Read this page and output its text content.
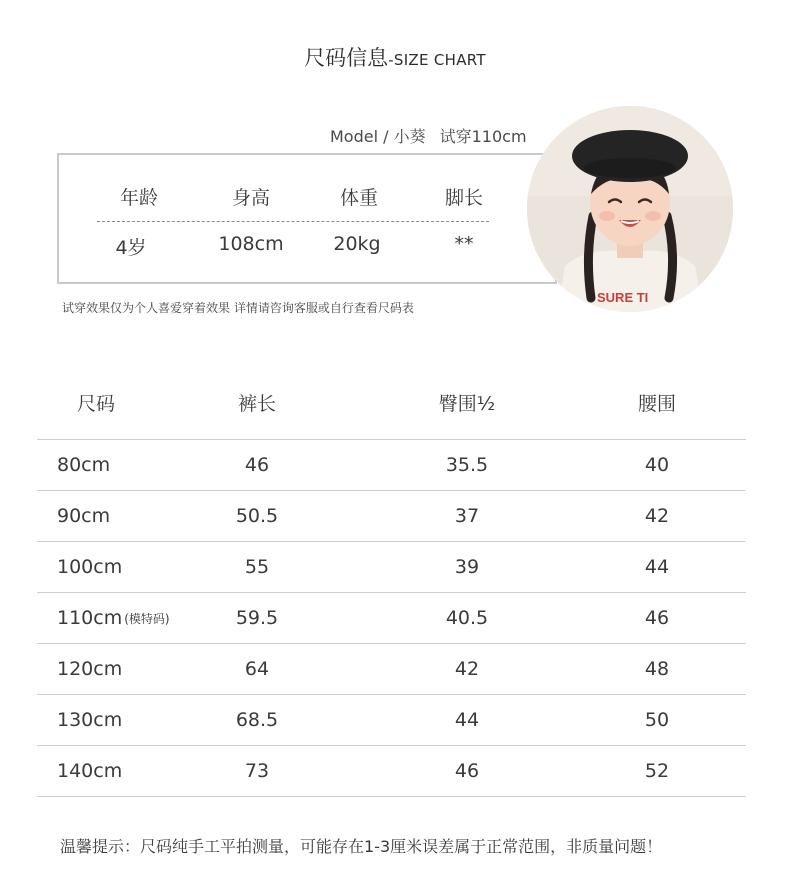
尺码信息-SIZE CHART
Model / 小葵 试穿110cm
年龄	身高	体重	脚长
4岁	108cm	20kg	**
SURE TI
试穿效果仅为个人喜爱穿着效果 详情请咨询客服或自行查看尺码表
尺码	裤长	臀围½	腰围
80cm	46	35.5	40
90cm	50.5	37	42
100cm	55	39	44
110cm (模特码)	59.5	40.5	46
120cm	64	42	48
130cm	68.5	44	50
140cm	73	46	52
温馨提示：尺码纯手工平拍测量，可能存在1-3厘米误差属于正常范围，非质量问题！
